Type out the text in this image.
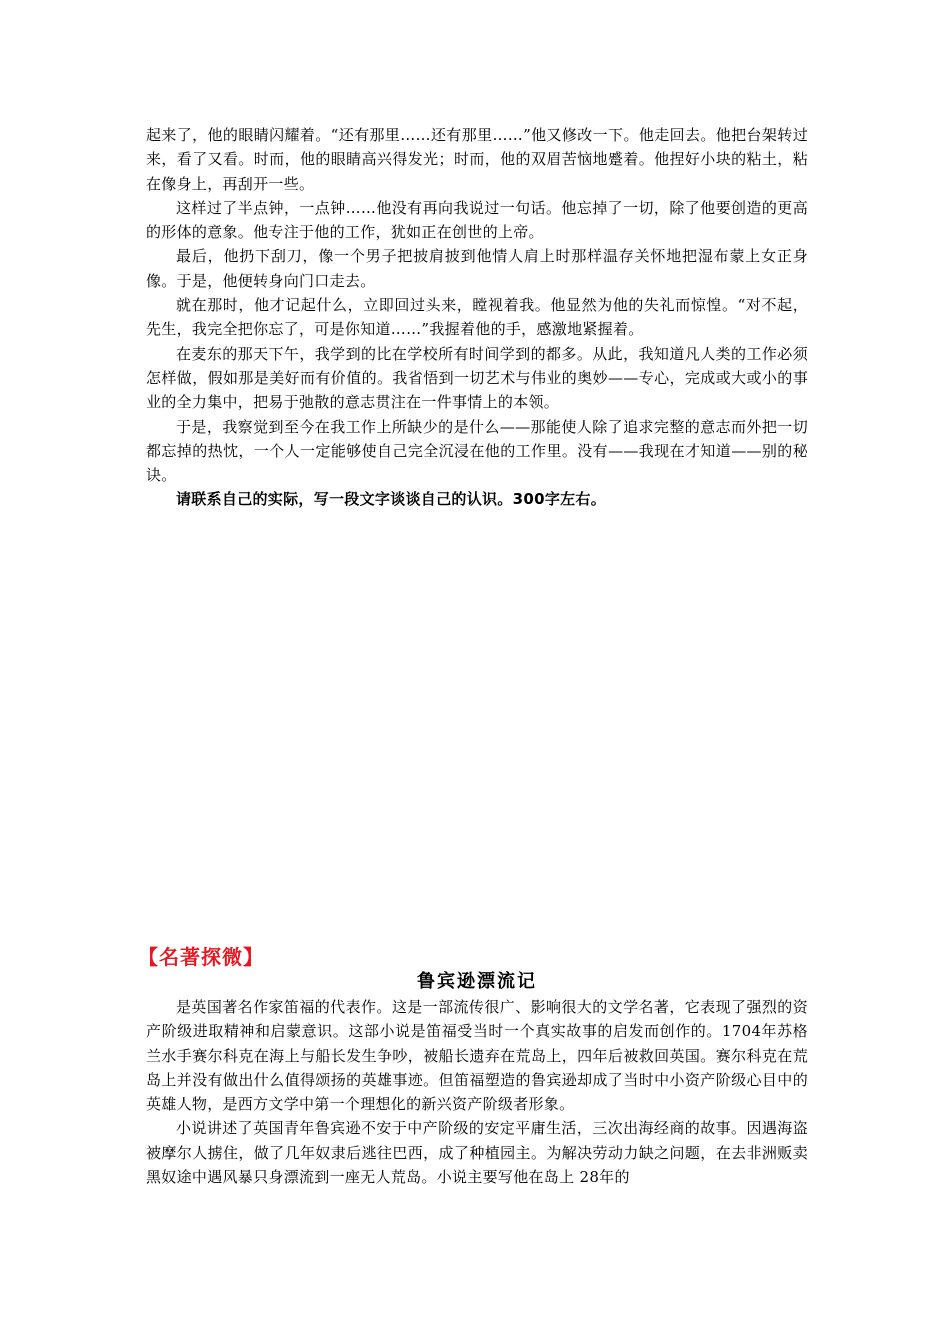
起来了，他的眼睛闪耀着。“还有那里……还有那里……”他又修改一下。他走回去。他把台架转过来，看了又看。时而，他的眼睛高兴得发光；时而，他的双眉苦恼地蹙着。他捏好小块的粘土，粘在像身上，再刮开一些。

这样过了半点钟，一点钟……他没有再向我说过一句话。他忘掉了一切，除了他要创造的更高的形体的意象。他专注于他的工作，犹如正在创世的上帝。

最后，他扔下刮刀，像一个男子把披肩披到他情人肩上时那样温存关怀地把湿布蒙上女正身像。于是，他便转身向门口走去。

就在那时，他才记起什么，立即回过头来，瞠视着我。他显然为他的失礼而惊惶。“对不起，先生，我完全把你忘了，可是你知道……”我握着他的手，感激地紧握着。

在麦东的那天下午，我学到的比在学校所有时间学到的都多。从此，我知道凡人类的工作必须怎样做，假如那是美好而有价值的。我省悟到一切艺术与伟业的奥妙——专心，完成或大或小的事业的全力集中，把易于弛散的意志贯注在一件事情上的本领。

于是，我察觉到至今在我工作上所缺少的是什么——那能使人除了追求完整的意志而外把一切都忘掉的热忱，一个人一定能够使自己完全沉浸在他的工作里。没有——我现在才知道——别的秘诀。

请联系自己的实际，写一段文字谈谈自己的认识。300字左右。

【名著探微】
鲁宾逊漂流记

是英国著名作家笛福的代表作。这是一部流传很广、影响很大的文学名著，它表现了强烈的资产阶级进取精神和启蒙意识。这部小说是笛福受当时一个真实故事的启发而创作的。1704年苏格兰水手赛尔科克在海上与船长发生争吵，被船长遗弃在荒岛上，四年后被救回英国。赛尔科克在荒岛上并没有做出什么值得颂扬的英雄事迹。但笛福塑造的鲁宾逊却成了当时中小资产阶级心目中的英雄人物，是西方文学中第一个理想化的新兴资产阶级者形象。

小说讲述了英国青年鲁宾逊不安于中产阶级的安定平庸生活，三次出海经商的故事。因遇海盗被摩尔人掳住，做了几年奴隶后逃往巴西，成了种植园主。为解决劳动力缺之问题，在去非洲贩卖黑奴途中遇风暴只身漂流到一座无人荒岛。小说主要写他在岛上 28年的
